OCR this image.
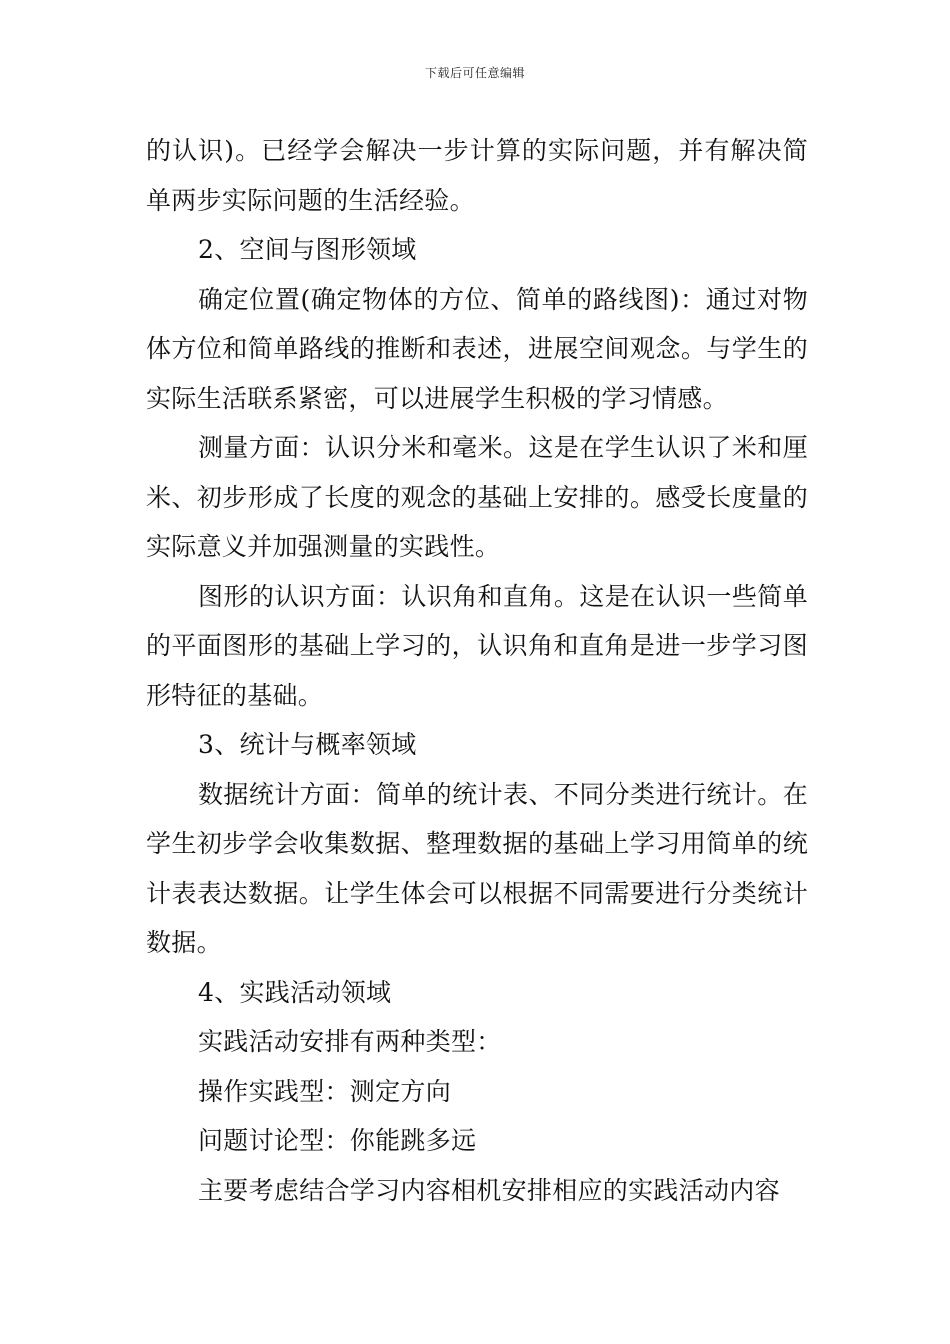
下载后可任意编辑

的认识)。已经学会解决一步计算的实际问题，并有解决简单两步实际问题的生活经验。

2、空间与图形领域

确定位置(确定物体的方位、简单的路线图)：通过对物体方位和简单路线的推断和表述，进展空间观念。与学生的实际生活联系紧密，可以进展学生积极的学习情感。

测量方面：认识分米和毫米。这是在学生认识了米和厘米、初步形成了长度的观念的基础上安排的。感受长度量的实际意义并加强测量的实践性。

图形的认识方面：认识角和直角。这是在认识一些简单的平面图形的基础上学习的，认识角和直角是进一步学习图形特征的基础。

3、统计与概率领域

数据统计方面：简单的统计表、不同分类进行统计。在学生初步学会收集数据、整理数据的基础上学习用简单的统计表表达数据。让学生体会可以根据不同需要进行分类统计数据。

4、实践活动领域

实践活动安排有两种类型：

操作实践型：测定方向

问题讨论型：你能跳多远

主要考虑结合学习内容相机安排相应的实践活动内容
